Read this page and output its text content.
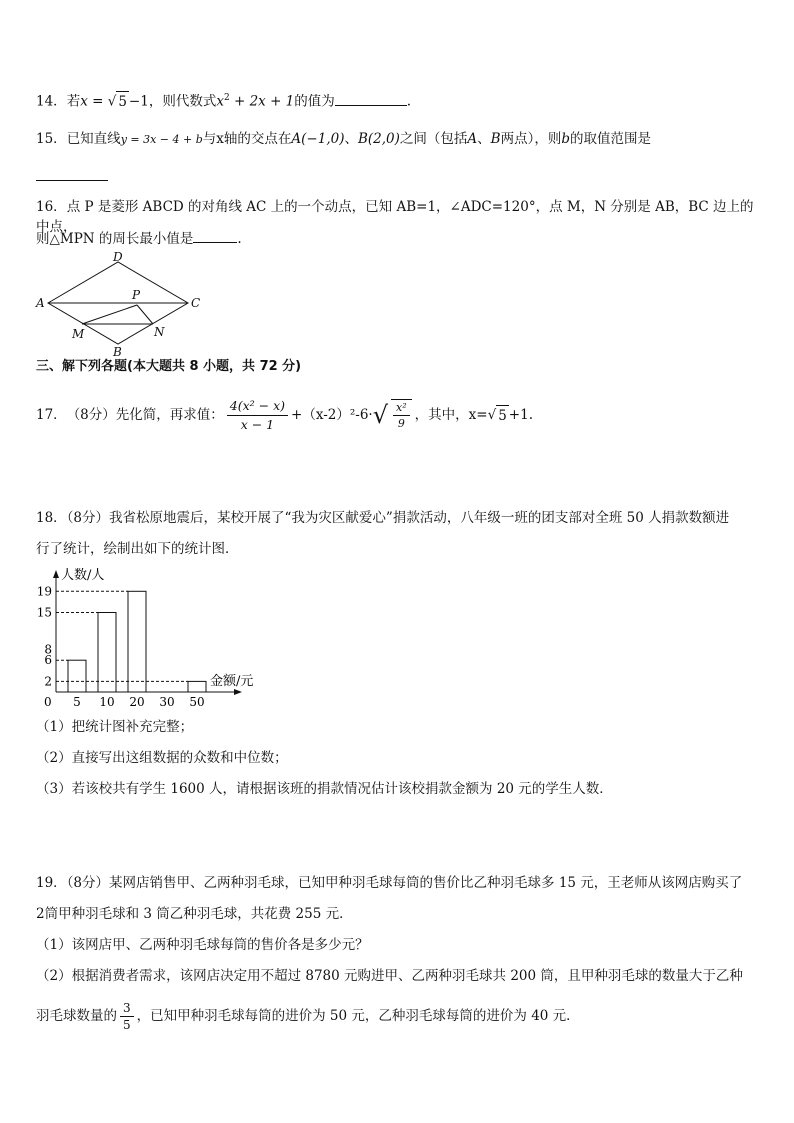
14．若x = √ 5 −1，则代数式$x^2 + 2x + 1$的值为	.
15．已知直线y = 3x − 4 + b与x轴的交点在A(−1,0)、B(2,0)之间（包括A、B两点），则b的取值范围是
16．点 P 是菱形 ABCD 的对角线 AC 上的一个动点，已知 AB=1，∠ADC=120°，点 M，N 分别是 AB，BC 边上的中点，
则△MPN 的周长最小值是	.
A
D
C
B
P
M	N
三、解下列各题(本大题共 8 小题，共 72 分)
17． （8分）先化简，再求值： $\frac{\text{4(x² − x)}}{x - 1} +(x-2)^2-6\cdot$ √ $\frac{\text{x²}}{9}$ ，其中，x= √ 5 +1.
18．（8分）我省松原地震后，某校开展了“我为灾区献爱心”捐款活动，八年级一班的团支部对全班 50 人捐款数额进
行了统计，绘制出如下的统计图．
人数/人
金额/元
0 5 10 20 30 50
2
6
8
15
19
（1）把统计图补充完整；
（2）直接写出这组数据的众数和中位数；
（3）若该校共有学生 1600 人，请根据该班的捐款情况估计该校捐款金额为 20 元的学生人数．
19．（8分）某网店销售甲、乙两种羽毛球，已知甲种羽毛球每筒的售价比乙种羽毛球多 15 元，王老师从该网店购买了
2筒甲种羽毛球和 3 筒乙种羽毛球，共花费 255 元．
（1）该网店甲、乙两种羽毛球每筒的售价各是多少元？
（2）根据消费者需求，该网店决定用不超过 8780 元购进甲、乙两种羽毛球共 200 筒，且甲种羽毛球的数量大于乙种
羽毛球数量的 $\frac{3}{5}$ ，已知甲种羽毛球每筒的进价为 50 元，乙种羽毛球每筒的进价为 40 元．
